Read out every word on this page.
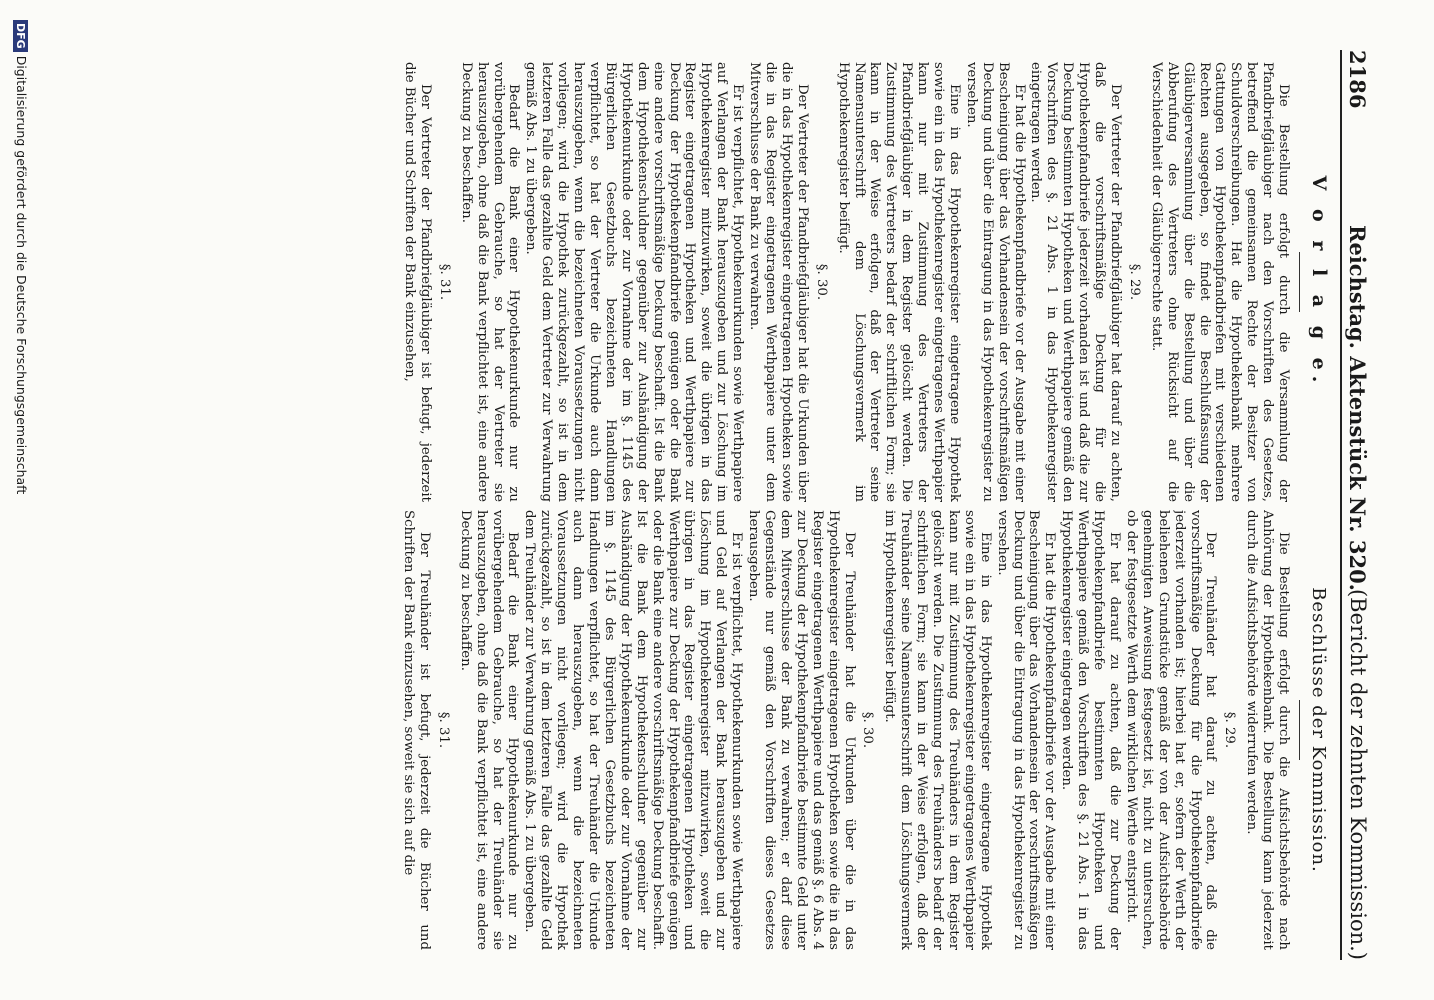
2186
Reichstag. Aktenstück Nr. 320.
(Bericht der zehnten Kommission.)
V o r l a g e.
Die Bestellung erfolgt durch die Versammlung der Pfandbriefgläubiger nach den Vorschriften des Gesetzes, betreffend die gemeinsamen Rechte der Besitzer von Schuldverschreibungen. Hat die Hypothekenbank mehrere Gattungen von Hypothekenpfandbriefen mit verschiedenen Rechten ausgegeben, so findet die Beschlußfassung der Gläubigerversammlung über die Bestellung und über die Abberufung des Vertreters ohne Rücksicht auf die Verschiedenheit der Gläubigerrechte statt.
§. 29.
Der Vertreter der Pfandbriefgläubiger hat darauf zu achten, daß die vorschriftsmäßige Deckung für die Hypothekenpfandbriefe jederzeit vorhanden ist und daß die zur Deckung bestimmten Hypotheken und Werthpapiere gemäß den Vorschriften des §. 21 Abs. 1 in das Hypothekenregister eingetragen werden.
Er hat die Hypothekenpfandbriefe vor der Ausgabe mit einer Bescheinigung über das Vorhandensein der vorschriftsmäßigen Deckung und über die Eintragung in das Hypothekenregister zu versehen.
Eine in das Hypothekenregister eingetragene Hypothek sowie ein in das Hypothekenregister eingetragenes Werthpapier kann nur mit Zustimmung des Vertreters der Pfandbriefgläubiger in dem Register gelöscht werden. Die Zustimmung des Vertreters bedarf der schriftlichen Form; sie kann in der Weise erfolgen, daß der Vertreter seine Namensunterschrift dem Löschungsvermerk im Hypothekenregister beifügt.
§. 30.
Der Vertreter der Pfandbriefgläubiger hat die Urkunden über die in das Hypothekenregister eingetragenen Hypotheken sowie die in das Register eingetragenen Werthpapiere unter dem Mitverschlusse der Bank zu verwahren.
Er ist verpflichtet, Hypothekenurkunden sowie Werthpapiere auf Verlangen der Bank herauszugeben und zur Löschung im Hypothekenregister mitzuwirken, soweit die übrigen in das Register eingetragenen Hypotheken und Werthpapiere zur Deckung der Hypothekenpfandbriefe genügen oder die Bank eine andere vorschriftsmäßige Deckung beschafft. Ist die Bank dem Hypothekenschuldner gegenüber zur Aushändigung der Hypothekenurkunde oder zur Vornahme der im §. 1145 des Bürgerlichen Gesetzbuchs bezeichneten Handlungen verpflichtet, so hat der Vertreter die Urkunde auch dann herauszugeben, wenn die bezeichneten Voraussetzungen nicht vorliegen; wird die Hypothek zurückgezahlt, so ist in dem letzteren Falle das gezahlte Geld dem Vertreter zur Verwahrung gemäß Abs. 1 zu übergeben.
Bedarf die Bank einer Hypothekenurkunde nur zu vorübergehendem Gebrauche, so hat der Vertreter sie herauszugeben, ohne daß die Bank verpflichtet ist, eine andere Deckung zu beschaffen.
§. 31.
Der Vertreter der Pfandbriefgläubiger ist befugt, jederzeit die Bücher und Schriften der Bank einzusehen,
Beschlüsse der Kommission.
Die Bestellung erfolgt durch die Aufsichtsbehörde nach Anhörung der Hypothekenbank. Die Bestellung kann jederzeit durch die Aufsichtsbehörde widerrufen werden.
§. 29.
Der Treuhänder hat darauf zu achten, daß die vorschriftsmäßige Deckung für die Hypothekenpfandbriefe jederzeit vorhanden ist; hierbei hat er, sofern der Werth der beliehenen Grundstücke gemäß der von der Aufsichtsbehörde genehmigten Anweisung festgesetzt ist, nicht zu untersuchen, ob der festgesetzte Werth dem wirklichen Werthe entspricht.
Er hat darauf zu achten, daß die zur Deckung der Hypothekenpfandbriefe bestimmten Hypotheken und Werthpapiere gemäß den Vorschriften des §. 21 Abs. 1 in das Hypothekenregister eingetragen werden.
Er hat die Hypothekenpfandbriefe vor der Ausgabe mit einer Bescheinigung über das Vorhandensein der vorschriftsmäßigen Deckung und über die Eintragung in das Hypothekenregister zu versehen.
Eine in das Hypothekenregister eingetragene Hypothek sowie ein in das Hypothekenregister eingetragenes Werthpapier kann nur mit Zustimmung des Treuhänders in dem Register gelöscht werden. Die Zustimmung des Treuhänders bedarf der schriftlichen Form; sie kann in der Weise erfolgen, daß der Treuhänder seine Namensunterschrift dem Löschungsvermerk im Hypothekenregister beifügt.
§. 30.
Der Treuhänder hat die Urkunden über die in das Hypothekenregister eingetragenen Hypotheken sowie die in das Register eingetragenen Werthpapiere und das gemäß §. 6 Abs. 4 zur Deckung der Hypothekenpfandbriefe bestimmte Geld unter dem Mitverschlusse der Bank zu verwahren; er darf diese Gegenstände nur gemäß den Vorschriften dieses Gesetzes herausgeben.
Er ist verpflichtet, Hypothekenurkunden sowie Werthpapiere und Geld auf Verlangen der Bank herauszugeben und zur Löschung im Hypothekenregister mitzuwirken, soweit die übrigen in das Register eingetragenen Hypotheken und Werthpapiere zur Deckung der Hypothekenpfandbriefe genügen oder die Bank eine andere vorschriftsmäßige Deckung beschafft. Ist die Bank dem Hypothekenschuldner gegenüber zur Aushändigung der Hypothekenurkunde oder zur Vornahme der im §. 1145 des Bürgerlichen Gesetzbuchs bezeichneten Handlungen verpflichtet, so hat der Treuhänder die Urkunde auch dann herauszugeben, wenn die bezeichneten Voraussetzungen nicht vorliegen; wird die Hypothek zurückgezahlt, so ist in dem letzteren Falle das gezahlte Geld dem Treuhänder zur Verwahrung gemäß Abs. 1 zu übergeben.
Bedarf die Bank einer Hypothekenurkunde nur zu vorübergehendem Gebrauche, so hat der Treuhänder sie herauszugeben, ohne daß die Bank verpflichtet ist, eine andere Deckung zu beschaffen.
§. 31.
Der Treuhänder ist befugt, jederzeit die Bücher und Schriften der Bank einzusehen, soweit sie sich auf die
DFGDigitalisierung gefördert durch die Deutsche Forschungsgemeinschaft
